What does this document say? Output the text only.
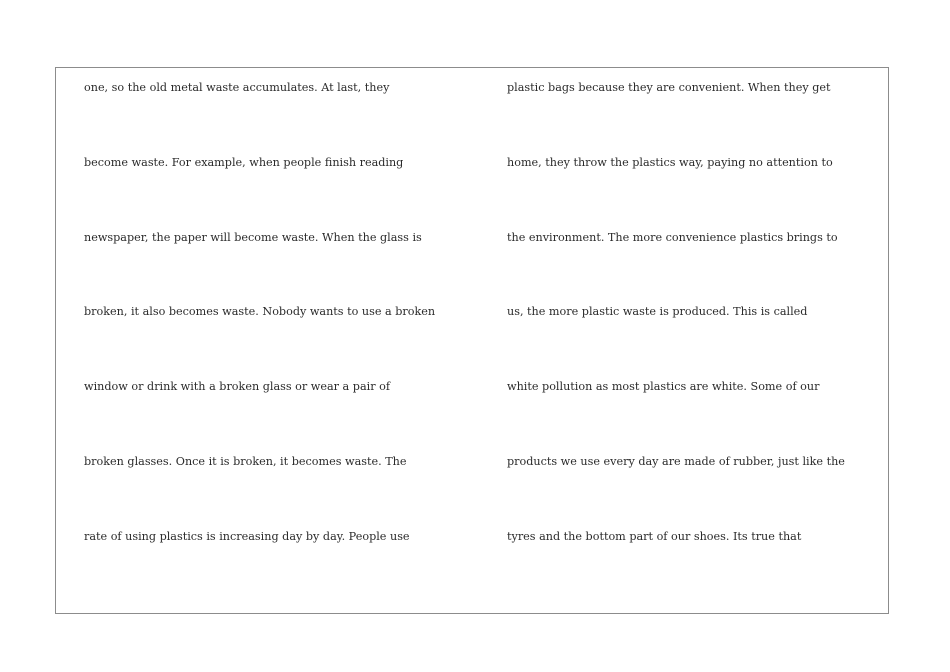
one, so the old metal waste accumulates. At last, they
become waste. For example, when people finish reading
newspaper, the paper will become waste. When the glass is
broken, it also becomes waste. Nobody wants to use a broken
window or drink with a broken glass or wear a pair of
broken glasses. Once it is broken, it becomes waste. The
rate of using plastics is increasing day by day. People use
plastic bags because they are convenient. When they get
home, they throw the plastics way, paying no attention to
the environment. The more convenience plastics brings to
us, the more plastic waste is produced. This is called
white pollution as most plastics are white. Some of our
products we use every day are made of rubber, just like the
tyres and the bottom part of our shoes. Its true that
